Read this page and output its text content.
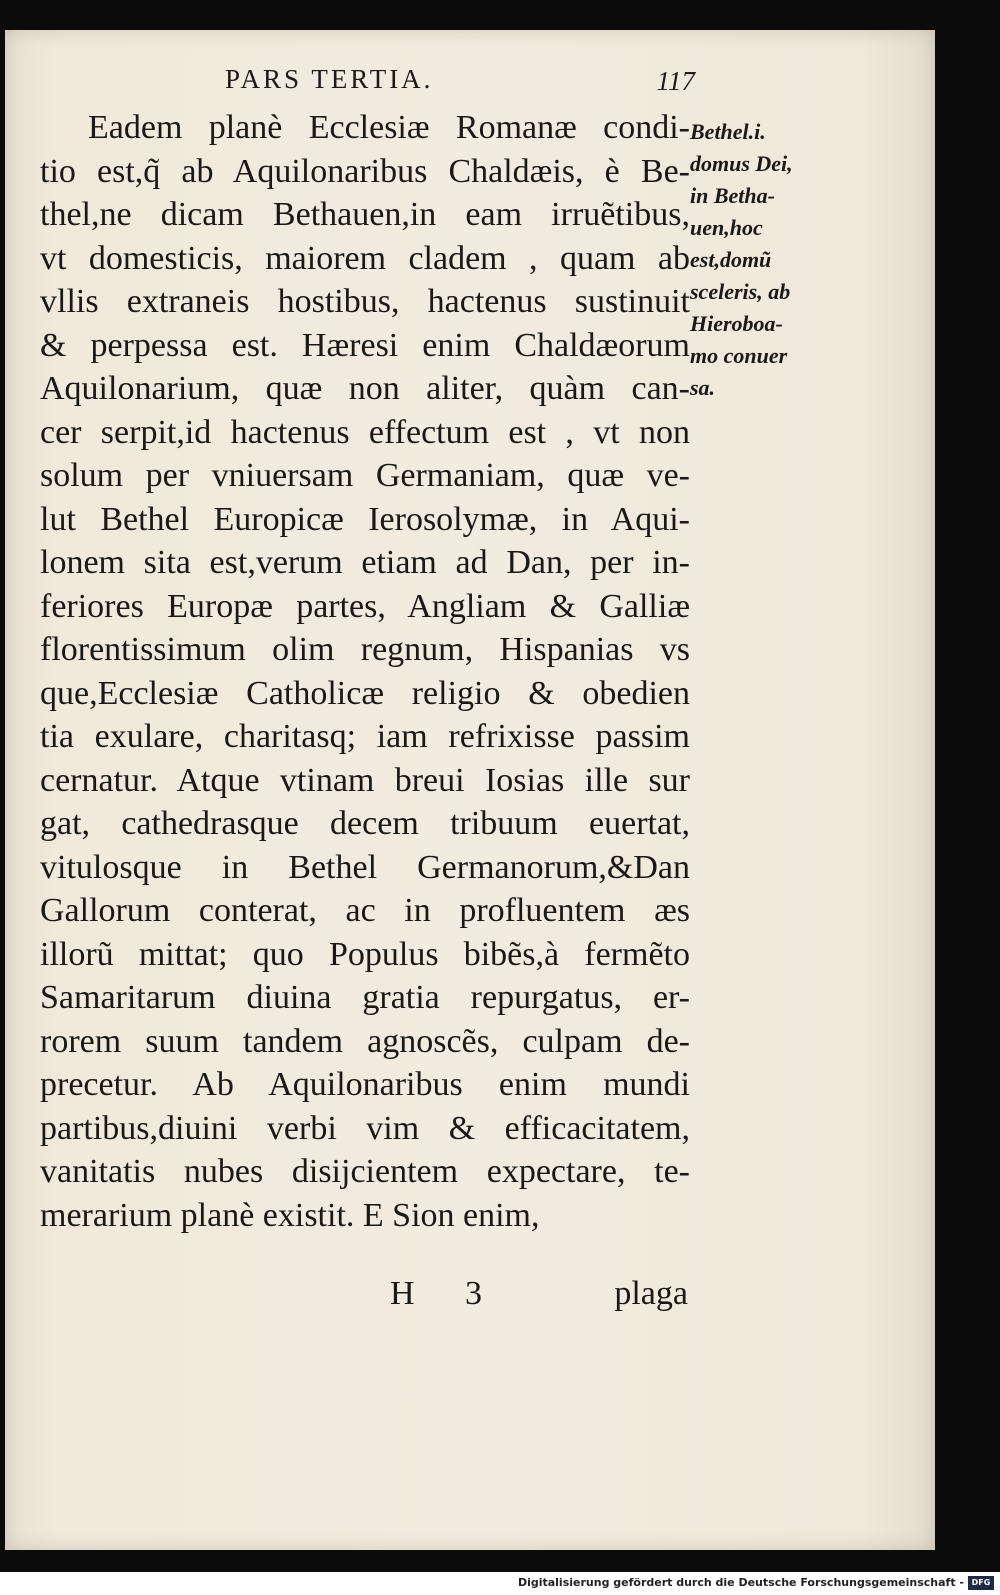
PARS TERTIA.	117
Eadem planè Ecclesiæ Romanæ condi-
tio est,q̃ ab Aquilonaribus Chaldæis, è Be-
thel,ne dicam Bethauen,in eam irruẽtibus,
vt domesticis, maiorem cladem , quam ab
vllis extraneis hostibus, hactenus sustinuit
& perpessa est. Hæresi enim Chaldæorum
Aquilonarium, quæ non aliter, quàm can-
cer serpit,id hactenus effectum est , vt non
solum per vniuersam Germaniam, quæ ve-
lut Bethel Europicæ Ierosolymæ, in Aqui-
lonem sita est,verum etiam ad Dan, per in-
feriores Europæ partes, Angliam & Galliæ
florentissimum olim regnum, Hispanias vs
que,Ecclesiæ Catholicæ religio & obedien
tia exulare, charitasq; iam refrixisse passim
cernatur. Atque vtinam breui Iosias ille sur
gat, cathedrasque decem tribuum euertat,
vitulosque in Bethel Germanorum,&Dan
Gallorum conterat, ac in profluentem æs
illorũ mittat; quo Populus bibẽs,à fermẽto
Samaritarum diuina gratia repurgatus, er-
rorem suum tandem agnoscẽs, culpam de-
precetur. Ab Aquilonaribus enim mundi
partibus,diuini verbi vim & efficacitatem,
vanitatis nubes disijcientem expectare, te-
merarium planè existit. E Sion enim,
Bethel.i.
domus Dei,
in Betha-
uen,hoc
est,domũ
sceleris, ab
Hieroboa-
mo conuer
sa.
H 3	plaga
Digitalisierung gefördert durch die Deutsche Forschungsgemeinschaft - DFG
